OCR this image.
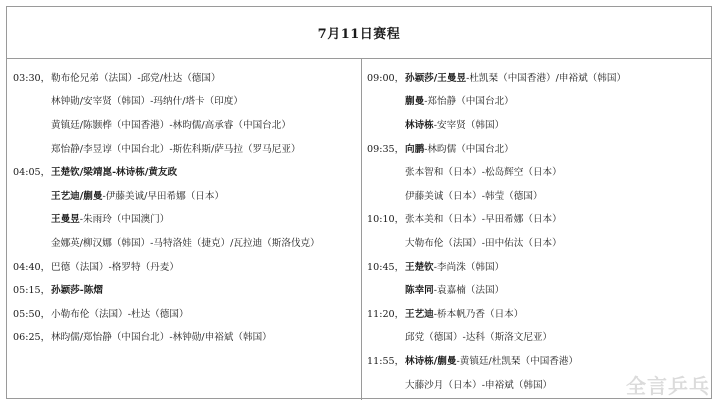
7月11日赛程
03:30， 勒布伦兄弟（法国）-邱党/杜达（德国）
林钟勋/安宰贤（韩国）-玛纳什/塔卡（印度）
黄镇廷/陈颢桦（中国香港）-林昀儒/高承睿（中国台北）
郑怡静/李昱谆（中国台北）-斯佐科斯/萨马拉（罗马尼亚）
04:05， 王楚钦/梁靖崑-林诗栋/黄友政
王艺迪/蒯曼-伊藤美诚/早田希娜（日本）
王曼昱-朱雨玲（中国澳门）
金娜英/柳汉娜（韩国）-马特洛娃（捷克）/瓦拉迪（斯洛伐克）
04:40， 巴德（法国）-格罗特（丹麦）
05:15， 孙颖莎-陈熠
05:50， 小勒布伦（法国）-杜达（德国）
06:25， 林昀儒/郑怡静（中国台北）-林钟勋/申裕斌（韩国）
09:00， 孙颖莎/王曼昱-杜凯琹（中国香港）/申裕斌（韩国）
蒯曼-郑怡静（中国台北）
林诗栋-安宰贤（韩国）
09:35， 向鹏-林昀儒（中国台北）
张本智和（日本）-松岛辉空（日本）
伊藤美诚（日本）-韩莹（德国）
10:10， 张本美和（日本）-早田希娜（日本）
大勒布伦（法国）-田中佑汰（日本）
10:45， 王楚钦-李尚洙（韩国）
陈幸同-袁嘉楠（法国）
11:20， 王艺迪-桥本帆乃香（日本）
邱党（德国）-达科（斯洛文尼亚）
11:55， 林诗栋/蒯曼-黄镇廷/杜凯琹（中国香港）
大藤沙月（日本）-申裕斌（韩国）	全言乒乓
